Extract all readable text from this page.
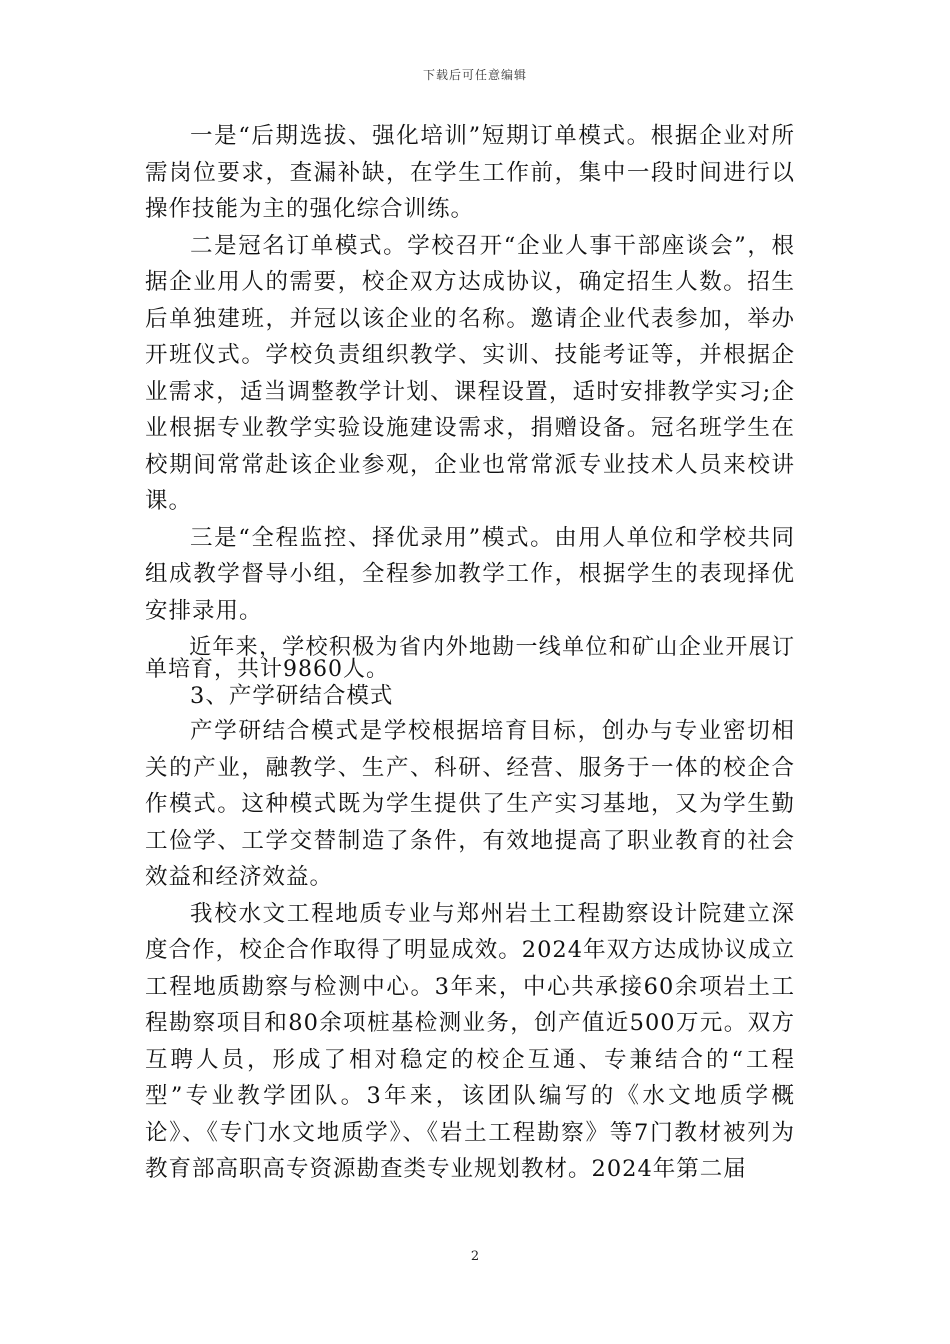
下载后可任意编辑

一是“后期选拔、强化培训”短期订单模式。根据企业对所需岗位要求，查漏补缺，在学生工作前，集中一段时间进行以操作技能为主的强化综合训练。

二是冠名订单模式。学校召开“企业人事干部座谈会”，根据企业用人的需要，校企双方达成协议，确定招生人数。招生后单独建班，并冠以该企业的名称。邀请企业代表参加，举办开班仪式。学校负责组织教学、实训、技能考证等，并根据企业需求，适当调整教学计划、课程设置，适时安排教学实习;企业根据专业教学实验设施建设需求，捐赠设备。冠名班学生在校期间常常赴该企业参观，企业也常常派专业技术人员来校讲课。

三是“全程监控、择优录用”模式。由用人单位和学校共同组成教学督导小组，全程参加教学工作，根据学生的表现择优安排录用。

近年来，学校积极为省内外地勘一线单位和矿山企业开展订单培育，共计9860人。

3、产学研结合模式

产学研结合模式是学校根据培育目标，创办与专业密切相关的产业，融教学、生产、科研、经营、服务于一体的校企合作模式。这种模式既为学生提供了生产实习基地，又为学生勤工俭学、工学交替制造了条件，有效地提高了职业教育的社会效益和经济效益。

我校水文工程地质专业与郑州岩土工程勘察设计院建立深度合作，校企合作取得了明显成效。2024年双方达成协议成立工程地质勘察与检测中心。3年来，中心共承接60余项岩土工程勘察项目和80余项桩基检测业务，创产值近500万元。双方互聘人员，形成了相对稳定的校企互通、专兼结合的“工程型”专业教学团队。3年来，该团队编写的《水文地质学概论》、《专门水文地质学》、《岩土工程勘察》等7门教材被列为教育部高职高专资源勘查类专业规划教材。2024年第二届

2
